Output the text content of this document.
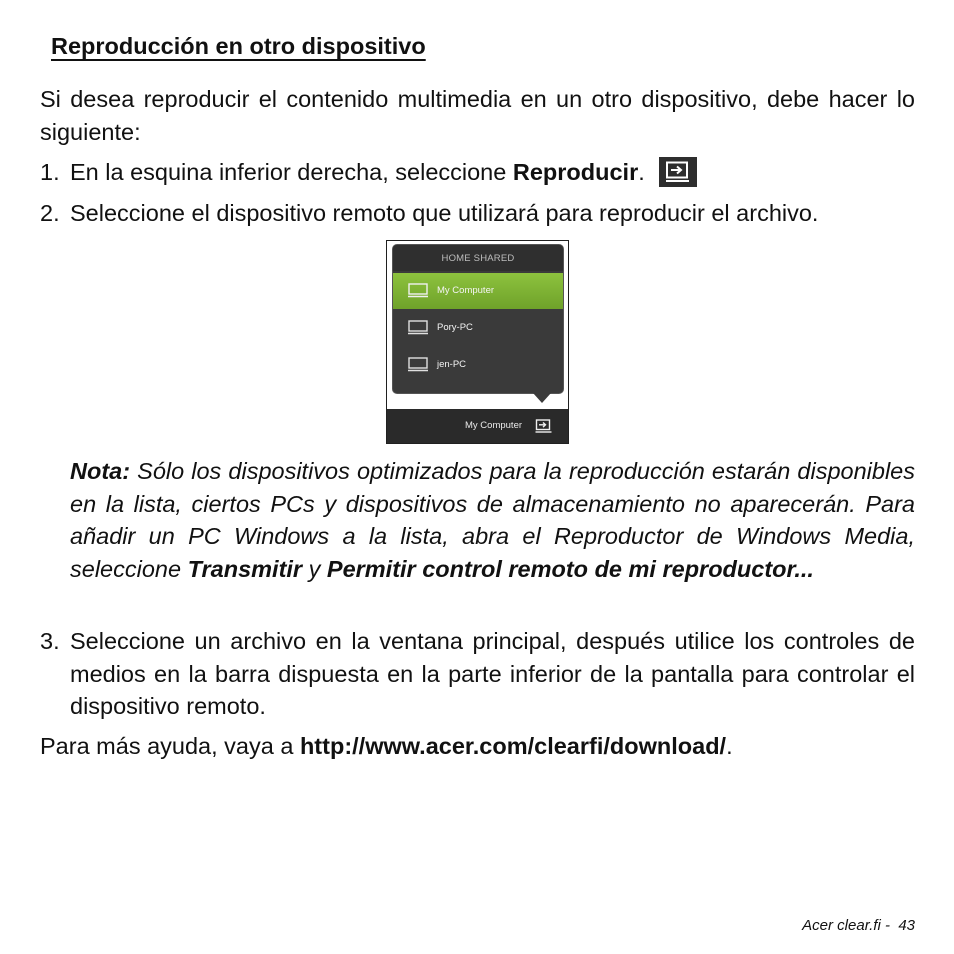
Reproducción en otro dispositivo

Si desea reproducir el contenido multimedia en un otro dispositivo, debe hacer lo siguiente:

1. En la esquina inferior derecha, seleccione Reproducir.
2. Seleccione el dispositivo remoto que utilizará para reproducir el archivo.
HOME SHARED
My Computer
Pory-PC
jen-PC
My Computer

Nota: Sólo los dispositivos optimizados para la reproducción estarán disponibles en la lista, ciertos PCs y dispositivos de almacenamiento no aparecerán. Para añadir un PC Windows a la lista, abra el Reproductor de Windows Media, seleccione Transmitir y Permitir control remoto de mi reproductor...

3. Seleccione un archivo en la ventana principal, después utilice los controles de medios en la barra dispuesta en la parte inferior de la pantalla para controlar el dispositivo remoto.

Para más ayuda, vaya a http://www.acer.com/clearfi/download/.

Acer clear.fi - 43
